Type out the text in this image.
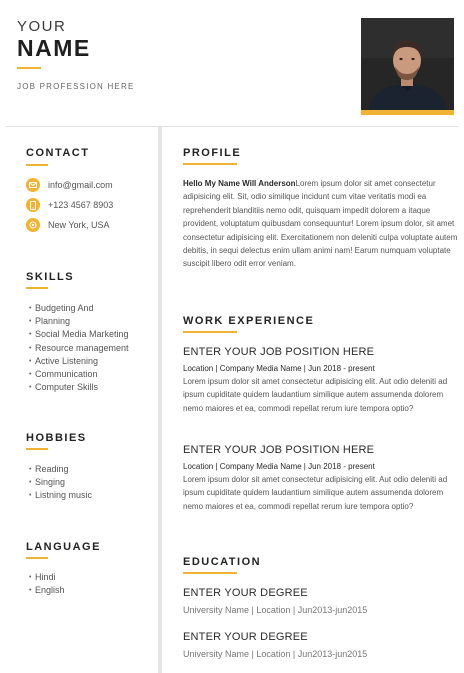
YOUR
NAME
JOB PROFESSION HERE
CONTACT
info@gmail.com
+123 4567 8903
New York, USA
SKILLS
• Budgeting And
• Planning
• Social Media Marketing
• Resource management
• Active Listening
• Communication
• Computer Skills
HOBBIES
• Reading
• Singing
• Listning music
LANGUAGE
• Hindi
• English
PROFILE

Hello My Name Will AndersonLorem ipsum dolor sit amet consectetur adipisicing elit. Sit, odio similique incidunt cum vitae veritatis modi ea reprehenderit blanditiis nemo odit, quisquam impedit dolorem a itaque provident, voluptatum quibusdam consequuntur! Lorem ipsum dolor, sit amet consectetur adipisicing elit. Exercitationem non deleniti culpa voluptate autem debitis, in sequi delectus enim ullam animi nam! Earum numquam voluptate suscipit libero odit error veniam.

WORK EXPERIENCE
ENTER YOUR JOB POSITION HERE
Location | Company Media Name | Jun 2018 - present

Lorem ipsum dolor sit amet consectetur adipisicing elit. Aut odio deleniti ad ipsum cupiditate quidem laudantium similique autem assumenda dolorem nemo maiores et ea, commodi repellat rerum iure tempora optio?

ENTER YOUR JOB POSITION HERE
Location | Company Media Name | Jun 2018 - present

Lorem ipsum dolor sit amet consectetur adipisicing elit. Aut odio deleniti ad ipsum cupiditate quidem laudantium similique autem assumenda dolorem nemo maiores et ea, commodi repellat rerum iure tempora optio?

EDUCATION
ENTER YOUR DEGREE
University Name | Location | Jun2013-jun2015
ENTER YOUR DEGREE
University Name | Location | Jun2013-jun2015
